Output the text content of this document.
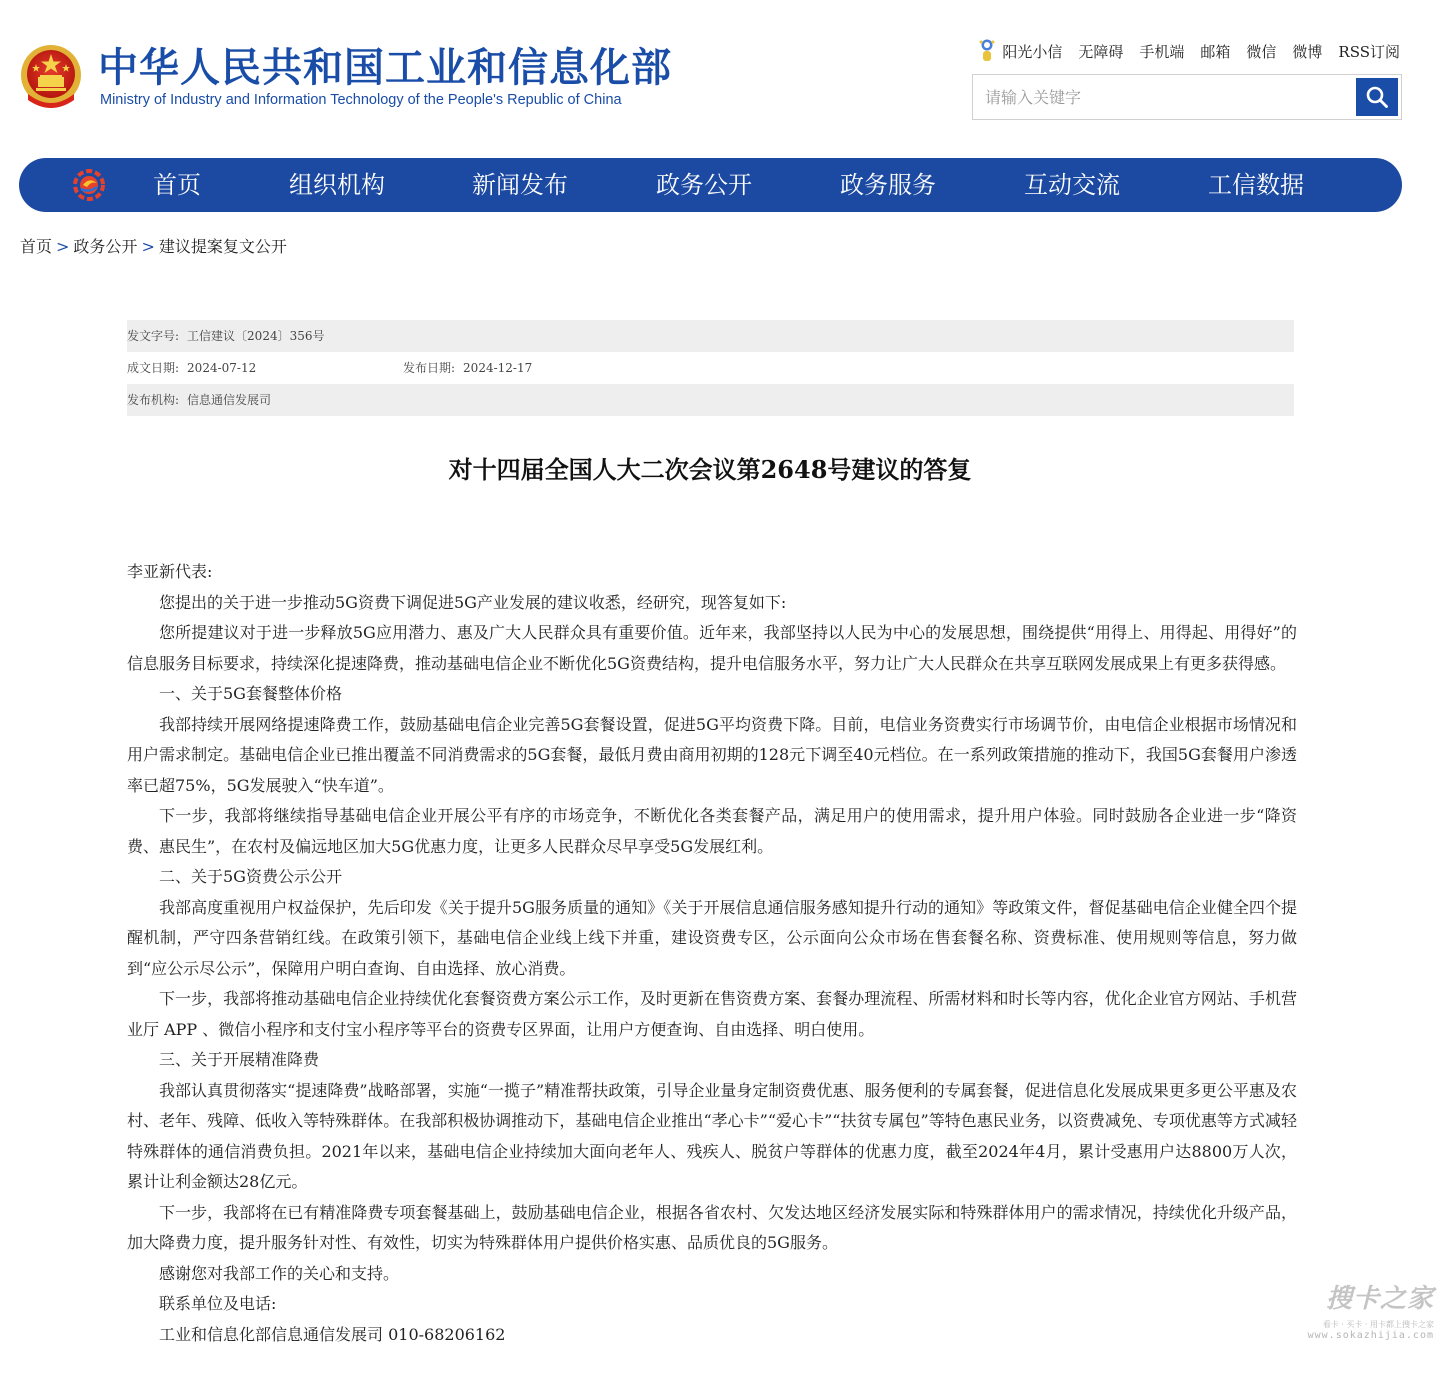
中华人民共和国工业和信息化部
Ministry of Industry and Information Technology of the People's Republic of China
阳光小信 无障碍 手机端 邮箱 微信 微博 RSS订阅
请输入关键字
首页	组织机构	新闻发布	政务公开	政务服务	互动交流	工信数据
首页 > 政务公开 > 建议提案复文公开
发文字号: 工信建议〔2024〕356号
成文日期: 2024-07-12	发布日期: 2024-12-17
发布机构: 信息通信发展司
对十四届全国人大二次会议第2648号建议的答复

李亚新代表:

您提出的关于进一步推动5G资费下调促进5G产业发展的建议收悉，经研究，现答复如下:

您所提建议对于进一步释放5G应用潜力、惠及广大人民群众具有重要价值。近年来，我部坚持以人民为中心的发展思想，围绕提供“用得上、用得起、用得好”的信息服务目标要求，持续深化提速降费，推动基础电信企业不断优化5G资费结构，提升电信服务水平，努力让广大人民群众在共享互联网发展成果上有更多获得感。

一、关于5G套餐整体价格

我部持续开展网络提速降费工作，鼓励基础电信企业完善5G套餐设置，促进5G平均资费下降。目前，电信业务资费实行市场调节价，由电信企业根据市场情况和用户需求制定。基础电信企业已推出覆盖不同消费需求的5G套餐，最低月费由商用初期的128元下调至40元档位。在一系列政策措施的推动下，我国5G套餐用户渗透率已超75%，5G发展驶入“快车道”。

下一步，我部将继续指导基础电信企业开展公平有序的市场竞争，不断优化各类套餐产品，满足用户的使用需求，提升用户体验。同时鼓励各企业进一步“降资费、惠民生”，在农村及偏远地区加大5G优惠力度，让更多人民群众尽早享受5G发展红利。

二、关于5G资费公示公开

我部高度重视用户权益保护，先后印发《关于提升5G服务质量的通知》《关于开展信息通信服务感知提升行动的通知》等政策文件，督促基础电信企业健全四个提醒机制，严守四条营销红线。在政策引领下，基础电信企业线上线下并重，建设资费专区，公示面向公众市场在售套餐名称、资费标准、使用规则等信息，努力做到“应公示尽公示”，保障用户明白查询、自由选择、放心消费。

下一步，我部将推动基础电信企业持续优化套餐资费方案公示工作，及时更新在售资费方案、套餐办理流程、所需材料和时长等内容，优化企业官方网站、手机营业厅 APP 、微信小程序和支付宝小程序等平台的资费专区界面，让用户方便查询、自由选择、明白使用。

三、关于开展精准降费

我部认真贯彻落实“提速降费”战略部署，实施“一揽子”精准帮扶政策，引导企业量身定制资费优惠、服务便利的专属套餐，促进信息化发展成果更多更公平惠及农村、老年、残障、低收入等特殊群体。在我部积极协调推动下，基础电信企业推出“孝心卡”“爱心卡”“扶贫专属包”等特色惠民业务，以资费减免、专项优惠等方式减轻特殊群体的通信消费负担。2021年以来，基础电信企业持续加大面向老年人、残疾人、脱贫户等群体的优惠力度，截至2024年4月，累计受惠用户达8800万人次，累计让利金额达28亿元。

下一步，我部将在已有精准降费专项套餐基础上，鼓励基础电信企业，根据各省农村、欠发达地区经济发展实际和特殊群体用户的需求情况，持续优化升级产品，加大降费力度，提升服务针对性、有效性，切实为特殊群体用户提供价格实惠、品质优良的5G服务。

感谢您对我部工作的关心和支持。

联系单位及电话:

工业和信息化部信息通信发展司 010-68206162

搜卡之家
看卡 · 买卡 · 用卡都上搜卡之家
www.sokazhijia.com
